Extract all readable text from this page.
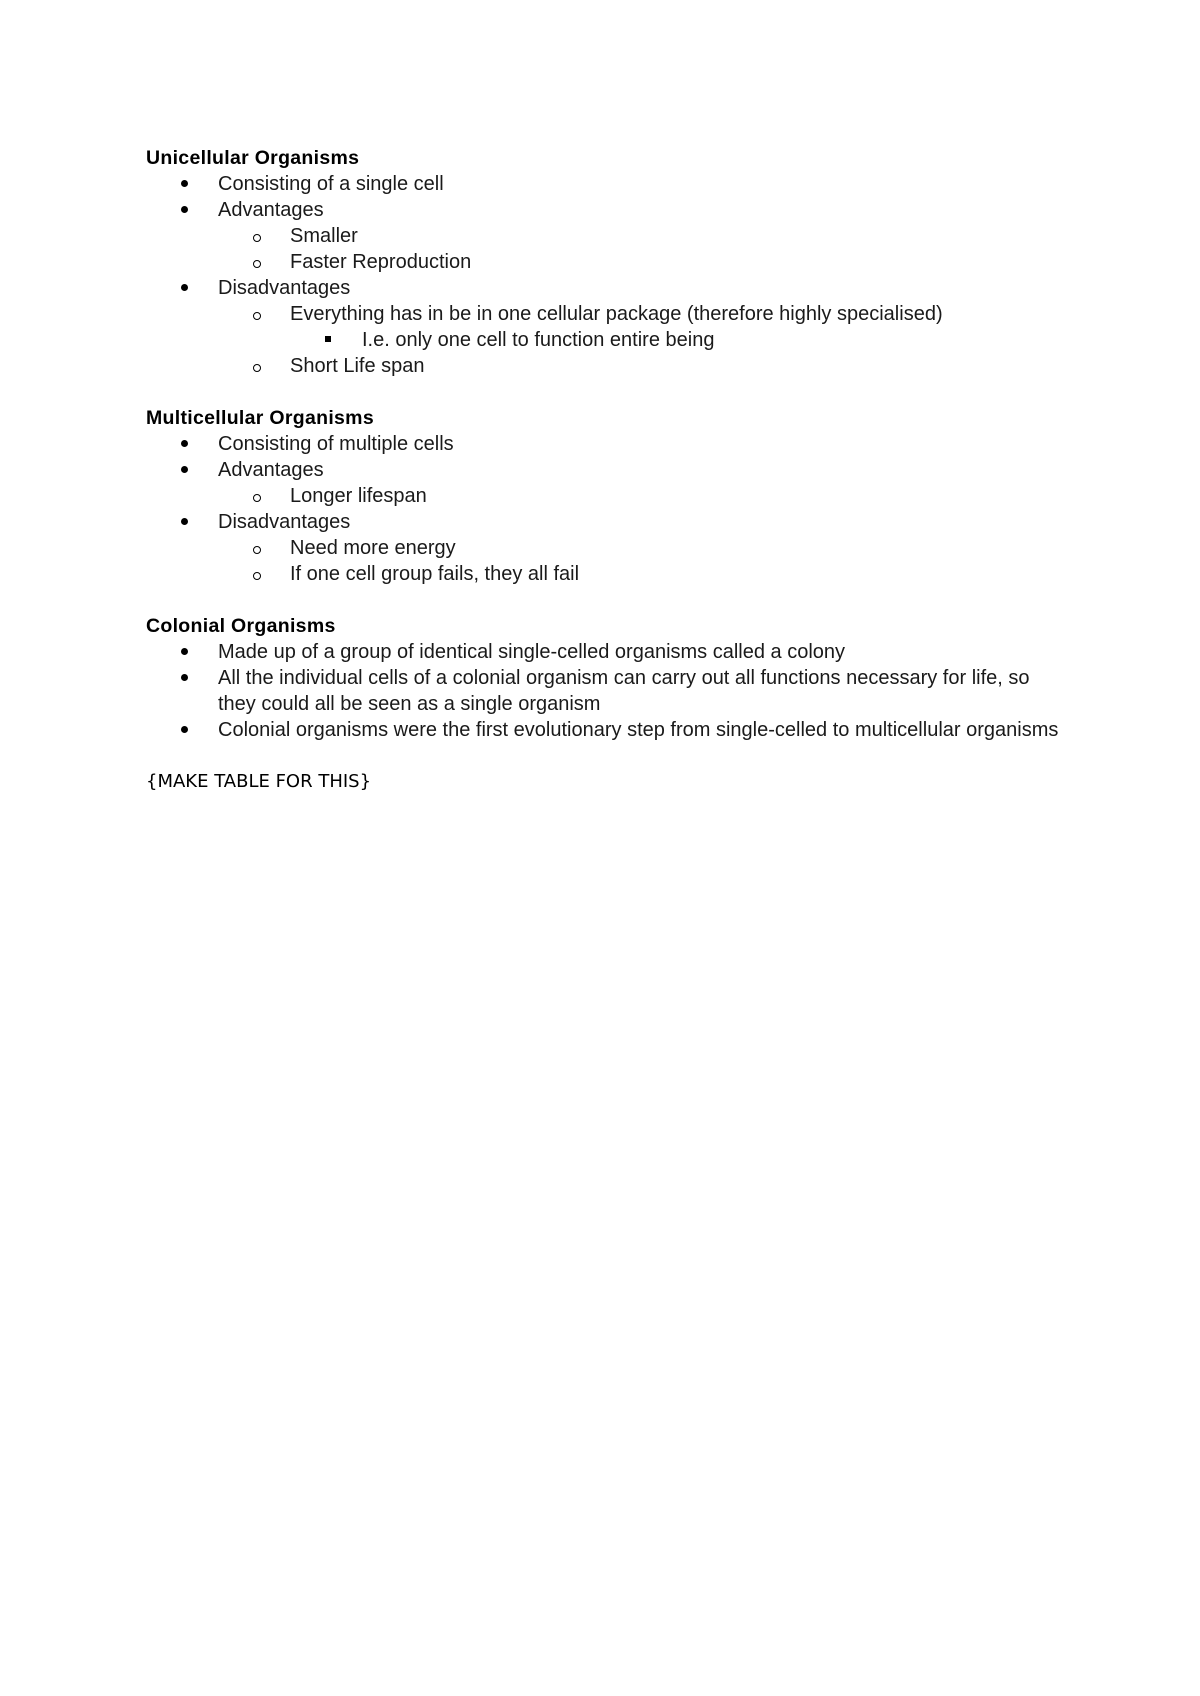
Unicellular Organisms
Consisting of a single cell
Advantages
Smaller
Faster Reproduction
Disadvantages
Everything has in be in one cellular package (therefore highly specialised)
I.e. only one cell to function entire being
Short Life span
Multicellular Organisms
Consisting of multiple cells
Advantages
Longer lifespan
Disadvantages
Need more energy
If one cell group fails, they all fail
Colonial Organisms
Made up of a group of identical single-celled organisms called a colony
All the individual cells of a colonial organism can carry out all functions necessary for life, so they could all be seen as a single organism
Colonial organisms were the first evolutionary step from single-celled to multicellular organisms
{MAKE TABLE FOR THIS}
